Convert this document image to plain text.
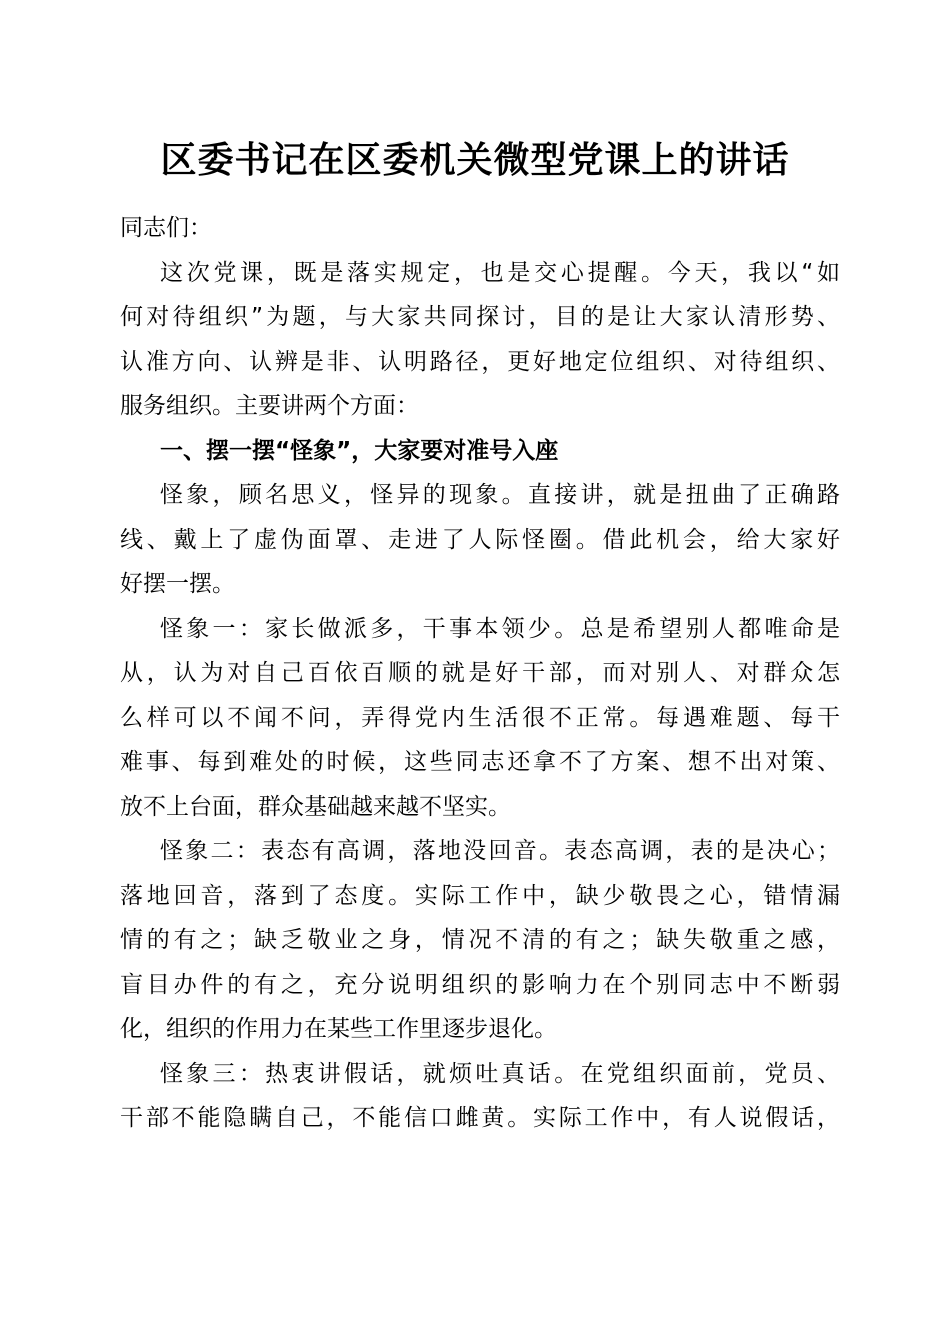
区委书记在区委机关微型党课上的讲话
同志们：
这次党课，既是落实规定，也是交心提醒。今天，我以“如
何对待组织”为题，与大家共同探讨，目的是让大家认清形势、
认准方向、认辨是非、认明路径，更好地定位组织、对待组织、
服务组织。主要讲两个方面：
一、摆一摆“怪象”，大家要对准号入座
怪象，顾名思义，怪异的现象。直接讲，就是扭曲了正确路
线、戴上了虚伪面罩、走进了人际怪圈。借此机会，给大家好
好摆一摆。
怪象一：家长做派多，干事本领少。总是希望别人都唯命是
从，认为对自己百依百顺的就是好干部，而对别人、对群众怎
么样可以不闻不问，弄得党内生活很不正常。每遇难题、每干
难事、每到难处的时候，这些同志还拿不了方案、想不出对策、
放不上台面，群众基础越来越不坚实。
怪象二：表态有高调，落地没回音。表态高调，表的是决心；
落地回音，落到了态度。实际工作中，缺少敬畏之心，错情漏
情的有之；缺乏敬业之身，情况不清的有之；缺失敬重之感，
盲目办件的有之，充分说明组织的影响力在个别同志中不断弱
化，组织的作用力在某些工作里逐步退化。
怪象三：热衷讲假话，就烦吐真话。在党组织面前，党员、
干部不能隐瞒自己，不能信口雌黄。实际工作中，有人说假话，
